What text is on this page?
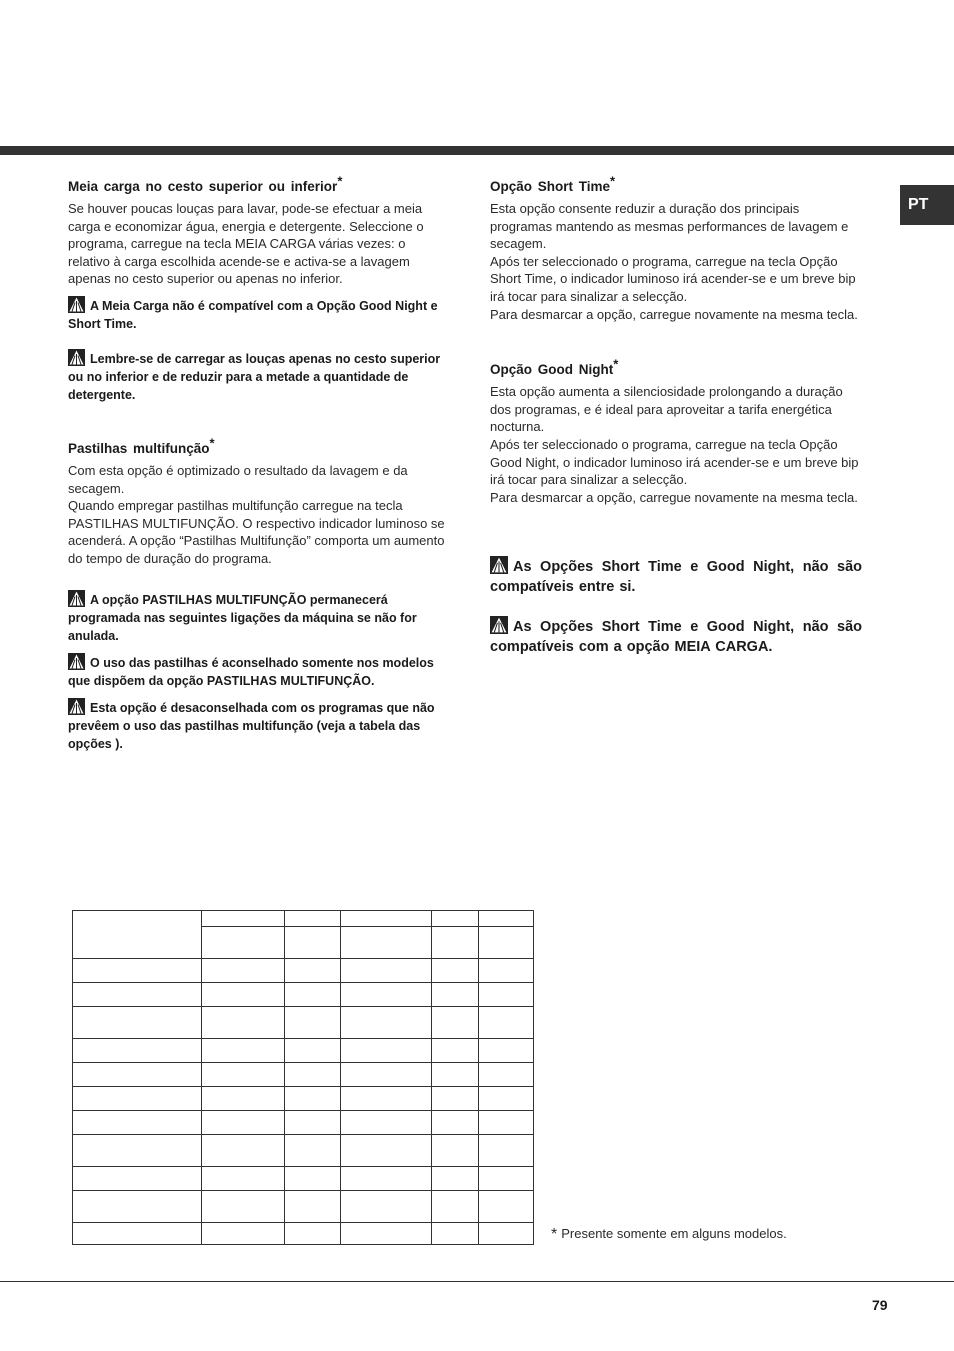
PT

Meia carga no cesto superior ou inferior*

Se houver poucas louças para lavar, pode-se efectuar a meia carga e economizar água, energia e detergente. Seleccione o programa, carregue na tecla MEIA CARGA várias vezes: o relativo à carga escolhida acende-se e activa-se a lavagem apenas no cesto superior ou apenas no inferior.

A Meia Carga não é compatível com a Opção Good Night e Short Time.

Lembre-se de carregar as louças apenas no cesto superior ou no inferior e de reduzir para a metade a quantidade de detergente.

Pastilhas multifunção*

Com esta opção é optimizado o resultado da lavagem e da secagem.
Quando empregar pastilhas multifunção carregue na tecla PASTILHAS MULTIFUNÇÃO. O respectivo indicador luminoso se acenderá. A opção “Pastilhas Multifunção” comporta um aumento do tempo de duração do programa.

A opção PASTILHAS MULTIFUNÇÃO permanecerá programada nas seguintes ligações da máquina se não for anulada.

O uso das pastilhas é aconselhado somente nos modelos que dispõem da opção PASTILHAS MULTIFUNÇÃO.

Esta opção é desaconselhada com os programas que não prevêem o uso das pastilhas multifunção (veja a tabela das opções ).

Opção Short Time*

Esta opção consente reduzir a duração dos principais programas mantendo as mesmas performances de lavagem e secagem.
Após ter seleccionado o programa, carregue na tecla Opção Short Time, o indicador luminoso irá acender-se e um breve bip irá tocar para sinalizar a selecção.
Para desmarcar a opção, carregue novamente na mesma tecla.

Opção Good Night*

Esta opção aumenta a silenciosidade prolongando a duração dos programas, e é ideal para aproveitar a tarifa energética nocturna.
Após ter seleccionado o programa, carregue na tecla Opção Good Night, o indicador luminoso irá acender-se e um breve bip irá tocar para sinalizar a selecção.
Para desmarcar a opção, carregue novamente na mesma tecla.

As Opções Short Time e Good Night, não são compatíveis entre si.

As Opções Short Time e Good Night, não são compatíveis com a opção MEIA CARGA.

* Presente somente em alguns modelos.
79
